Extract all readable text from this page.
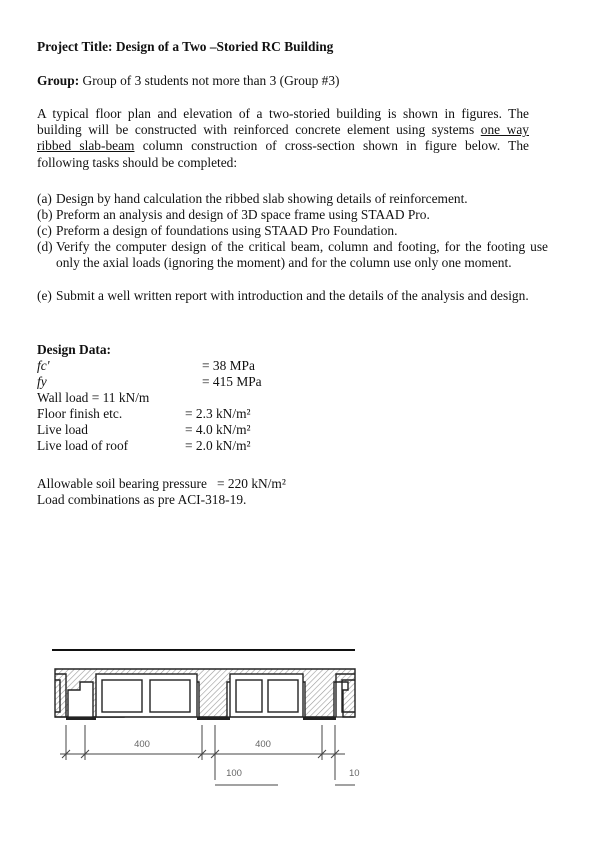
Project Title: Design of a Two –Storied RC Building
Group: Group of 3 students not more than 3 (Group #3)
A typical floor plan and elevation of a two-storied building is shown in figures. The building will be constructed with reinforced concrete element using systems one way ribbed slab-beam column construction of cross-section shown in figure below. The following tasks should be completed:
(a) Design by hand calculation the ribbed slab showing details of reinforcement.
(b) Preform an analysis and design of 3D space frame using STAAD Pro.
(c) Preform a design of foundations using STAAD Pro Foundation.
(d) Verify the computer design of the critical beam, column and footing, for the footing use only the axial loads (ignoring the moment) and for the column use only one moment.
(e) Submit a well written report with introduction and the details of the analysis and design.
Design Data:
fc'	= 38 MPa
fy	= 415 MPa
Wall load = 11 kN/m
Floor finish etc.	= 2.3 kN/m²
Live load	= 4.0 kN/m²
Live load of roof	= 2.0 kN/m²
Allowable soil bearing pressure   = 220 kN/m²
Load combinations as pre ACI-318-19.
400	400
100	10
